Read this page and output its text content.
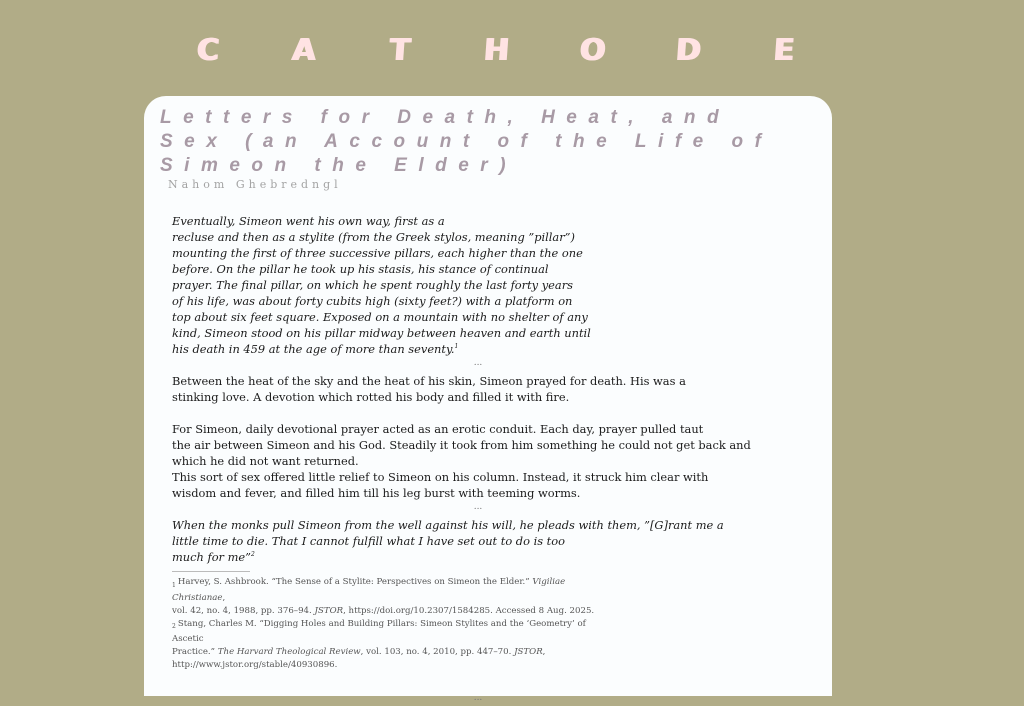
C A T H O D E
Letters for Death, Heat, and
Sex (an Account of the Life of
Simeon the Elder)
Nahom Ghebredngl

Eventually, Simeon went his own way, first as a
recluse and then as a stylite (from the Greek stylos, meaning ”pillar”)
mounting the first of three successive pillars, each higher than the one
before. On the pillar he took up his stasis, his stance of continual
prayer. The final pillar, on which he spent roughly the last forty years
of his life, was about forty cubits high (sixty feet?) with a platform on
top about six feet square. Exposed on a mountain with no shelter of any
kind, Simeon stood on his pillar midway between heaven and earth until
his death in 459 at the age of more than seventy.$^1$

...

Between the heat of the sky and the heat of his skin, Simeon prayed for death. His was a
stinking love. A devotion which rotted his body and filled it with fire.

For Simeon, daily devotional prayer acted as an erotic conduit. Each day, prayer pulled taut
the air between Simeon and his God. Steadily it took from him something he could not get back and
which he did not want returned.
This sort of sex offered little relief to Simeon on his column. Instead, it struck him clear with
wisdom and fever, and filled him till his leg burst with teeming worms.

...

When the monks pull Simeon from the well against his will, he pleads with them, ”[G]rant me a
little time to die. That I cannot fulfill what I have set out to do is too
much for me”$^2$

$_1$ Harvey, S. Ashbrook. “The Sense of a Stylite: Perspectives on Simeon the Elder.” Vigiliae Christianae,
vol. 42, no. 4, 1988, pp. 376–94. JSTOR, https://doi.org/10.2307/1584285. Accessed 8 Aug. 2025.

$_2$ Stang, Charles M. “Digging Holes and Building Pillars: Simeon Stylites and the ‘Geometry’ of Ascetic
Practice.” The Harvard Theological Review, vol. 103, no. 4, 2010, pp. 447–70. JSTOR,
http://www.jstor.org/stable/40930896.

...
